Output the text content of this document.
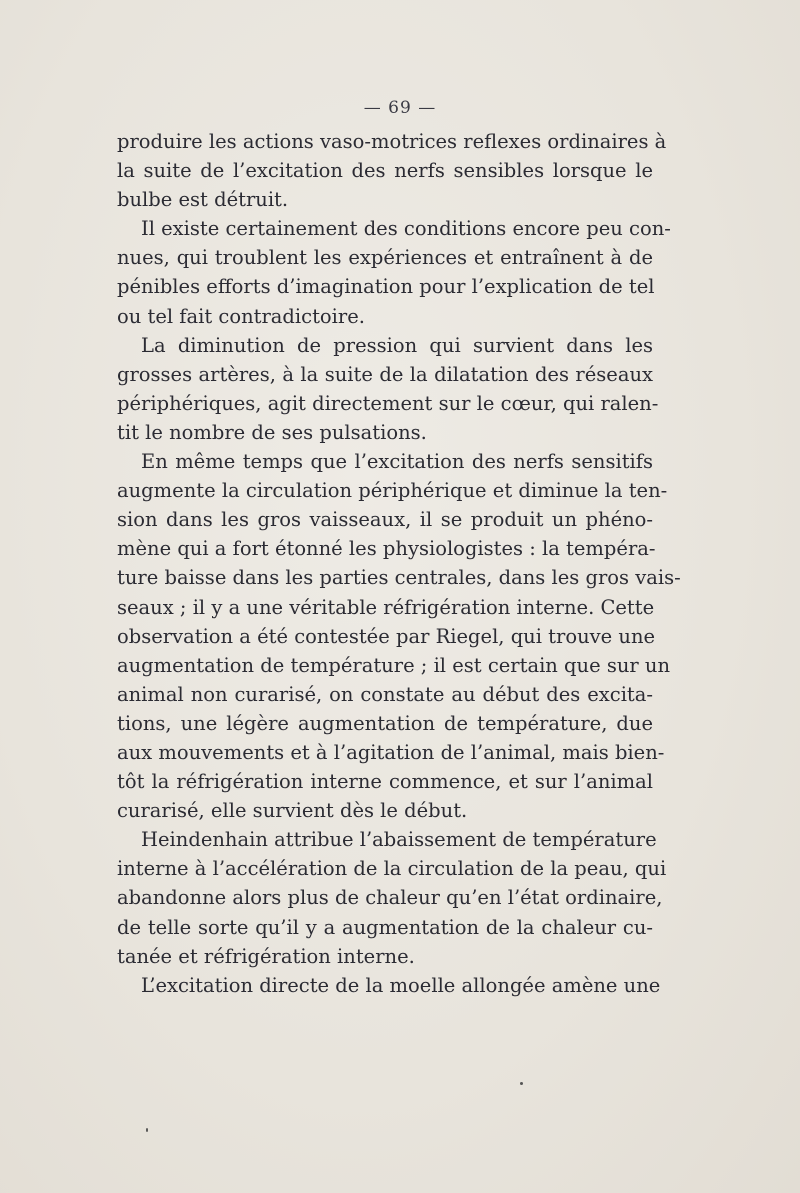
— 69 —
produire les actions vaso-motrices reflexes ordinaires à
la suite de l’excitation des nerfs sensibles lorsque le
bulbe est détruit.
Il existe certainement des conditions encore peu con-
nues, qui troublent les expériences et entraînent à de
pénibles efforts d’imagination pour l’explication de tel
ou tel fait contradictoire.
La diminution de pression qui survient dans les
grosses artères, à la suite de la dilatation des réseaux
périphériques, agit directement sur le cœur, qui ralen-
tit le nombre de ses pulsations.
En même temps que l’excitation des nerfs sensitifs
augmente la circulation périphérique et diminue la ten-
sion dans les gros vaisseaux, il se produit un phéno-
mène qui a fort étonné les physiologistes : la tempéra-
ture baisse dans les parties centrales, dans les gros vais-
seaux ; il y a une véritable réfrigération interne. Cette
observation a été contestée par Riegel, qui trouve une
augmentation de température ; il est certain que sur un
animal non curarisé, on constate au début des excita-
tions, une légère augmentation de température, due
aux mouvements et à l’agitation de l’animal, mais bien-
tôt la réfrigération interne commence, et sur l’animal
curarisé, elle survient dès le début.
Heindenhain attribue l’abaissement de température
interne à l’accélération de la circulation de la peau, qui
abandonne alors plus de chaleur qu’en l’état ordinaire,
de telle sorte qu’il y a augmentation de la chaleur cu-
tanée et réfrigération interne.
L’excitation directe de la moelle allongée amène une
